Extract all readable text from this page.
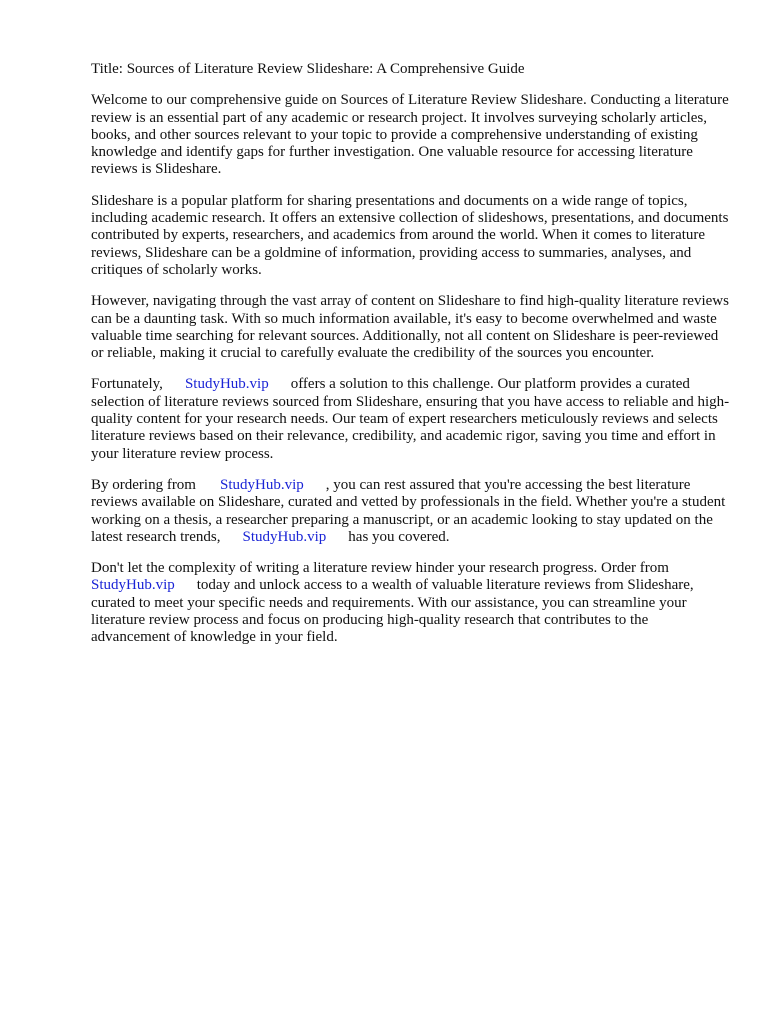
Title: Sources of Literature Review Slideshare: A Comprehensive Guide

Welcome to our comprehensive guide on Sources of Literature Review Slideshare. Conducting a literature review is an essential part of any academic or research project. It involves surveying scholarly articles, books, and other sources relevant to your topic to provide a comprehensive understanding of existing knowledge and identify gaps for further investigation. One valuable resource for accessing literature reviews is Slideshare.

Slideshare is a popular platform for sharing presentations and documents on a wide range of topics, including academic research. It offers an extensive collection of slideshows, presentations, and documents contributed by experts, researchers, and academics from around the world. When it comes to literature reviews, Slideshare can be a goldmine of information, providing access to summaries, analyses, and critiques of scholarly works.

However, navigating through the vast array of content on Slideshare to find high-quality literature reviews can be a daunting task. With so much information available, it's easy to become overwhelmed and waste valuable time searching for relevant sources. Additionally, not all content on Slideshare is peer-reviewed or reliable, making it crucial to carefully evaluate the credibility of the sources you encounter.

Fortunately, StudyHub.vip offers a solution to this challenge. Our platform provides a curated selection of literature reviews sourced from Slideshare, ensuring that you have access to reliable and high-quality content for your research needs. Our team of expert researchers meticulously reviews and selects literature reviews based on their relevance, credibility, and academic rigor, saving you time and effort in your literature review process.

By ordering from StudyHub.vip , you can rest assured that you're accessing the best literature reviews available on Slideshare, curated and vetted by professionals in the field. Whether you're a student working on a thesis, a researcher preparing a manuscript, or an academic looking to stay updated on the latest research trends, StudyHub.vip has you covered.

Don't let the complexity of writing a literature review hinder your research progress. Order from StudyHub.vip today and unlock access to a wealth of valuable literature reviews from Slideshare, curated to meet your specific needs and requirements. With our assistance, you can streamline your literature review process and focus on producing high-quality research that contributes to the advancement of knowledge in your field.
